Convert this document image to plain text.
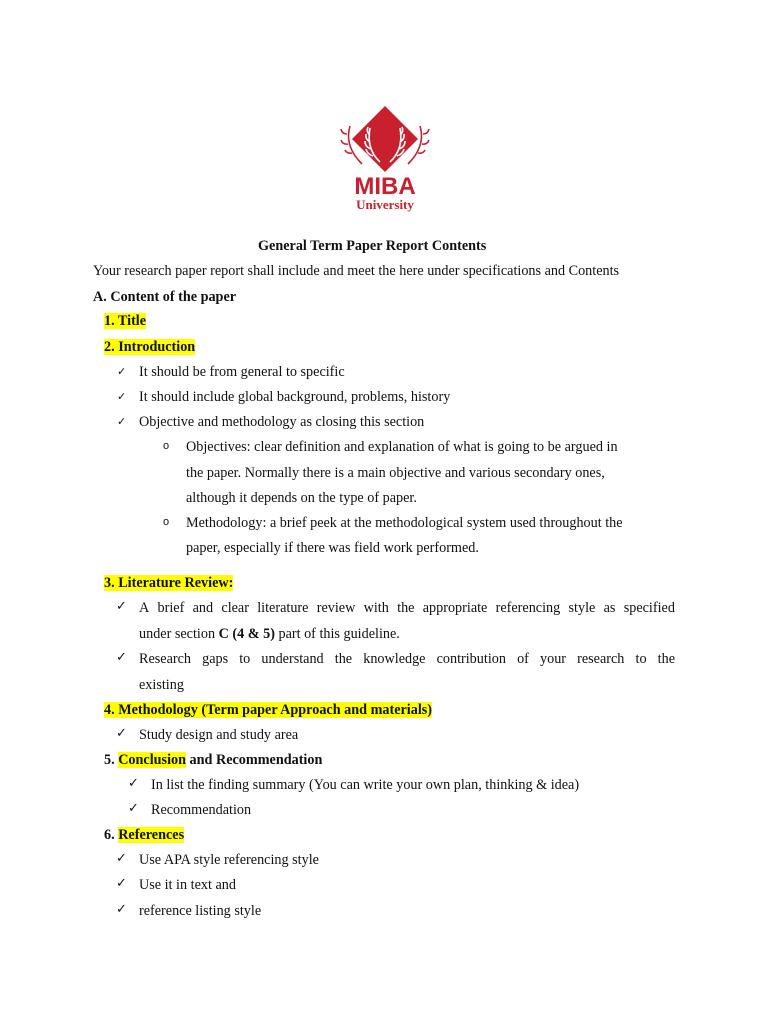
MIBA
University
General Term Paper Report Contents
Your research paper report shall include and meet the here under specifications and Contents
A. Content of the paper
1. Title
2. Introduction
✓ It should be from general to specific
✓ It should include global background, problems, history
✓ Objective and methodology as closing this section
o Objectives: clear definition and explanation of what is going to be argued in
the paper. Normally there is a main objective and various secondary ones,
although it depends on the type of paper.
o Methodology: a brief peek at the methodological system used throughout the
paper, especially if there was field work performed.
3. Literature Review:
✓ A brief and clear literature review with the appropriate referencing style as specified
under section C (4 & 5) part of this guideline.
✓ Research gaps to understand the knowledge contribution of your research to the
existing
4. Methodology (Term paper Approach and materials)
✓ Study design and study area
5. Conclusion and Recommendation
✓ In list the finding summary (You can write your own plan, thinking & idea)
✓ Recommendation
6. References
✓ Use APA style referencing style
✓ Use it in text and
✓ reference listing style
